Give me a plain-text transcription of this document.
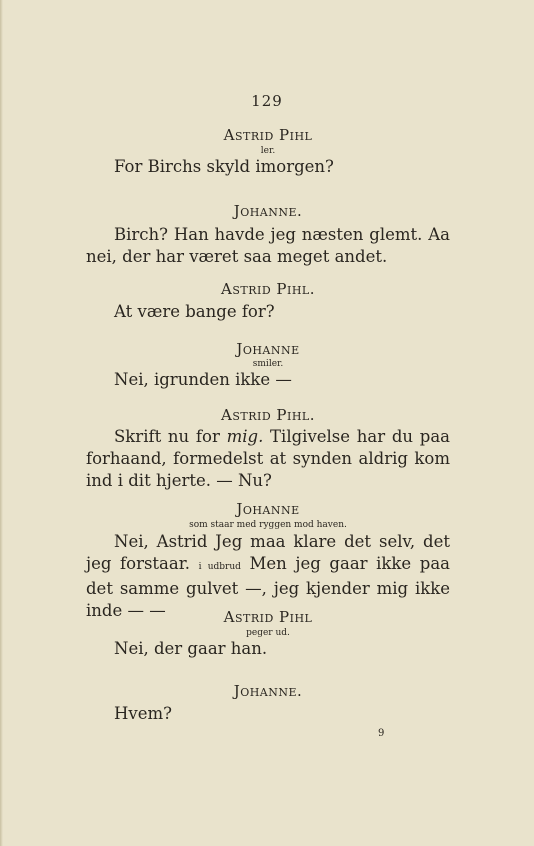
129
Astrid Pihl
ler.
For Birchs skyld imorgen?
Johanne.
Birch? Han havde jeg næsten glemt. Aa nei, der har været saa meget andet.
Astrid Pihl.
At være bange for?
Johanne
smiler.
Nei, igrunden ikke —
Astrid Pihl.
Skrift nu for mig. Tilgivelse har du paa forhaand, formedelst at synden aldrig kom ind i dit hjerte. — Nu?
Johanne
som staar med ryggen mod haven.
Nei, Astrid Jeg maa klare det selv, det jeg forstaar. i udbrud Men jeg gaar ikke paa det samme gulvet —, jeg kjender mig ikke inde — —	Astrid Pihl
peger ud.
Nei, der gaar han.
Johanne.
Hvem?
9
